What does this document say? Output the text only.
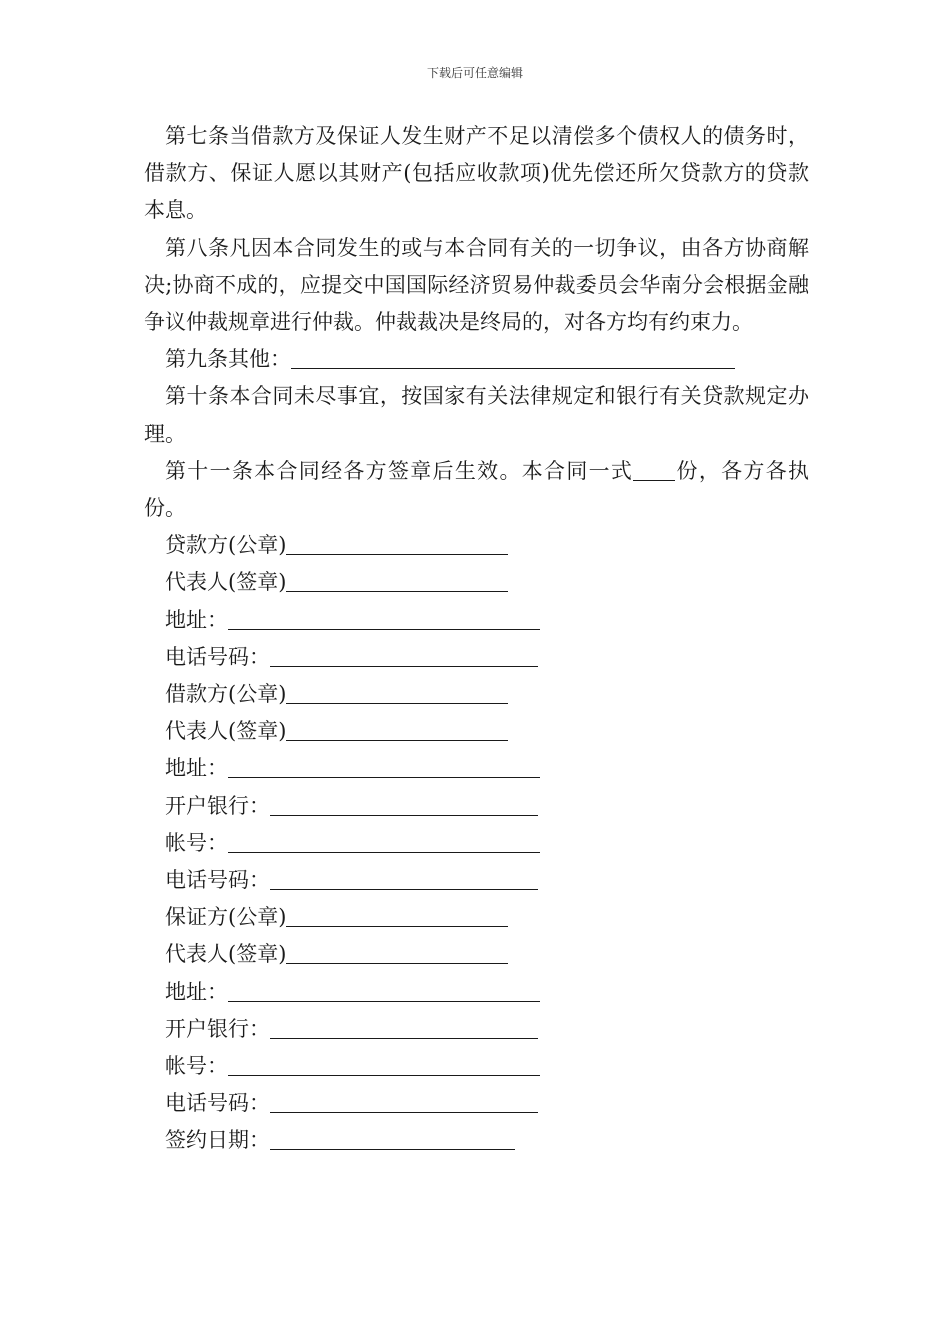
下载后可任意编辑

第七条当借款方及保证人发生财产不足以清偿多个债权人的债务时，借款方、保证人愿以其财产(包括应收款项)优先偿还所欠贷款方的贷款本息。

第八条凡因本合同发生的或与本合同有关的一切争议，由各方协商解决;协商不成的，应提交中国国际经济贸易仲裁委员会华南分会根据金融争议仲裁规章进行仲裁。仲裁裁决是终局的，对各方均有约束力。

第九条其他：

第十条本合同未尽事宜，按国家有关法律规定和银行有关贷款规定办理。

第十一条本合同经各方签章后生效。本合同一式 份，各方各执份。

贷款方(公章)

代表人(签章)

地址：

电话号码：

借款方(公章)

代表人(签章)

地址：

开户银行：

帐号：

电话号码：

保证方(公章)

代表人(签章)

地址：

开户银行：

帐号：

电话号码：

签约日期：
